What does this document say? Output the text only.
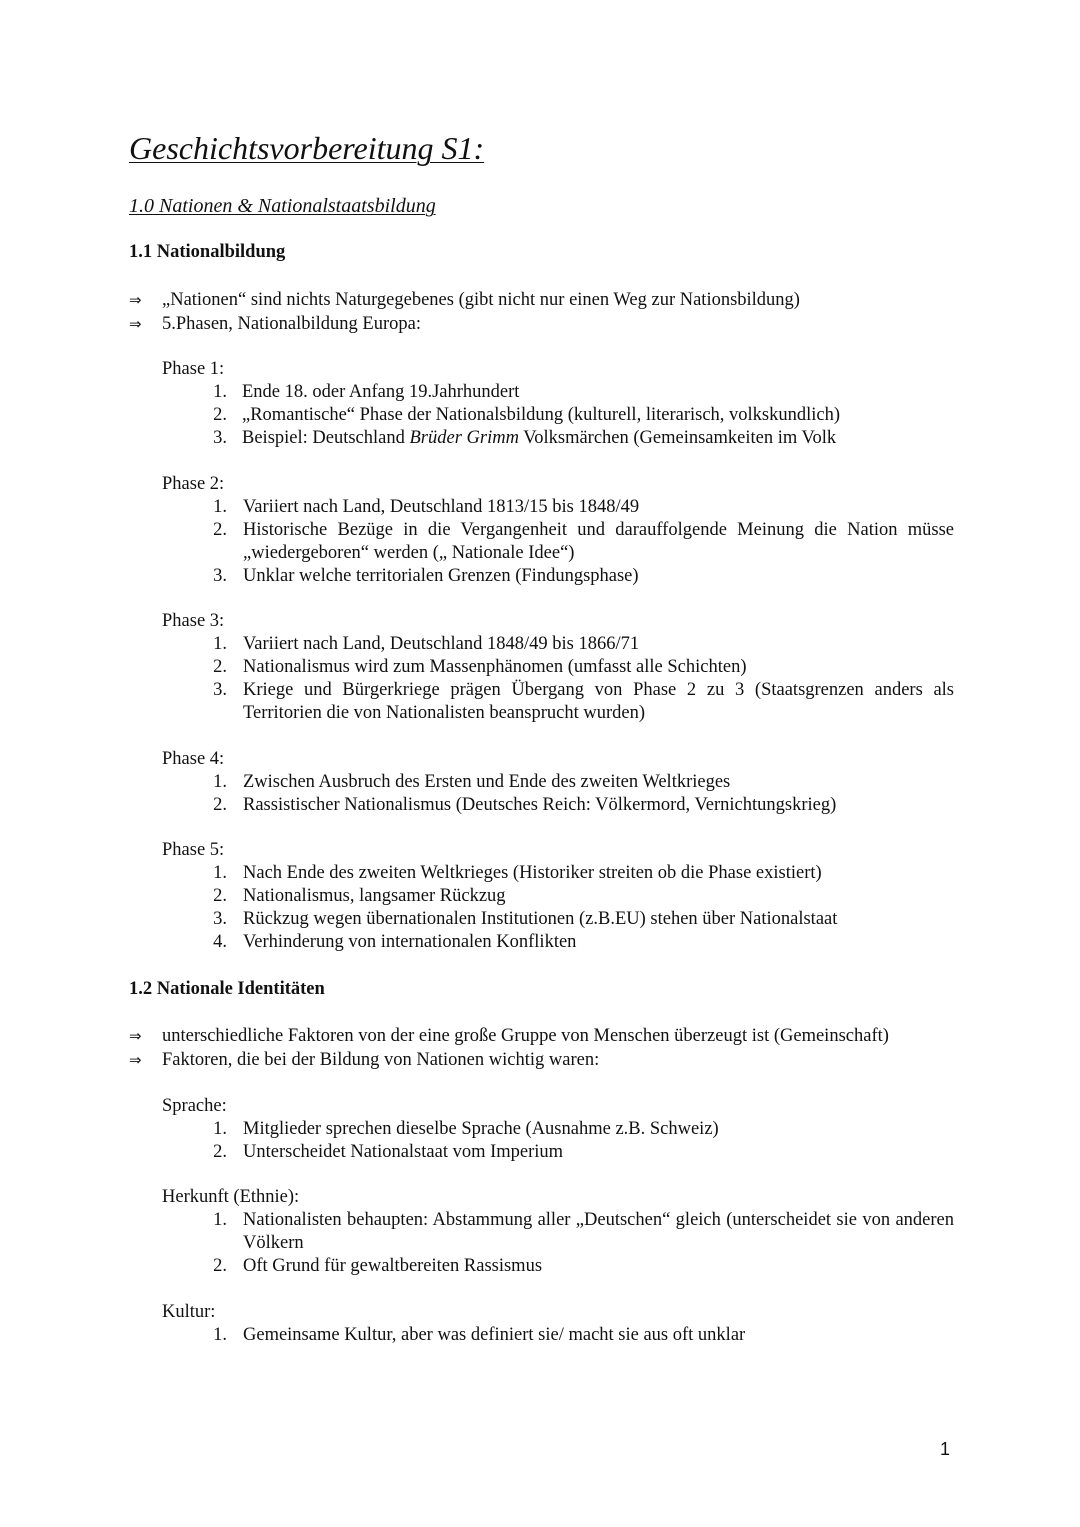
Geschichtsvorbereitung S1:
1.0 Nationen & Nationalstaatsbildung
1.1 Nationalbildung
⇒	„Nationen“ sind nichts Naturgegebenes (gibt nicht nur einen Weg zur Nationsbildung)
⇒	5.Phasen, Nationalbildung Europa:
Phase 1:
1. Ende 18. oder Anfang 19.Jahrhundert
2. „Romantische“ Phase der Nationalsbildung (kulturell, literarisch, volkskundlich)
3. Beispiel: Deutschland Brüder Grimm Volksmärchen (Gemeinsamkeiten im Volk
Phase 2:
1. Variiert nach Land, Deutschland 1813/15 bis 1848/49
2. Historische Bezüge in die Vergangenheit und darauffolgende Meinung die Nation müsse „wiedergeboren“ werden („ Nationale Idee“)
3. Unklar welche territorialen Grenzen (Findungsphase)
Phase 3:
1. Variiert nach Land, Deutschland 1848/49 bis 1866/71
2. Nationalismus wird zum Massenphänomen (umfasst alle Schichten)
3. Kriege und Bürgerkriege prägen Übergang von Phase 2 zu 3 (Staatsgrenzen anders als Territorien die von Nationalisten beansprucht wurden)
Phase 4:
1. Zwischen Ausbruch des Ersten und Ende des zweiten Weltkrieges
2. Rassistischer Nationalismus (Deutsches Reich: Völkermord, Vernichtungskrieg)
Phase 5:
1. Nach Ende des zweiten Weltkrieges (Historiker streiten ob die Phase existiert)
2. Nationalismus, langsamer Rückzug
3. Rückzug wegen übernationalen Institutionen (z.B.EU) stehen über Nationalstaat
4. Verhinderung von internationalen Konflikten
1.2 Nationale Identitäten
⇒	unterschiedliche Faktoren von der eine große Gruppe von Menschen überzeugt ist (Gemeinschaft)
⇒	Faktoren, die bei der Bildung von Nationen wichtig waren:
Sprache:
1. Mitglieder sprechen dieselbe Sprache (Ausnahme z.B. Schweiz)
2. Unterscheidet Nationalstaat vom Imperium
Herkunft (Ethnie):
1. Nationalisten behaupten: Abstammung aller „Deutschen“ gleich (unterscheidet sie von anderen Völkern
2. Oft Grund für gewaltbereiten Rassismus
Kultur:
1. Gemeinsame Kultur, aber was definiert sie/ macht sie aus oft unklar
1
